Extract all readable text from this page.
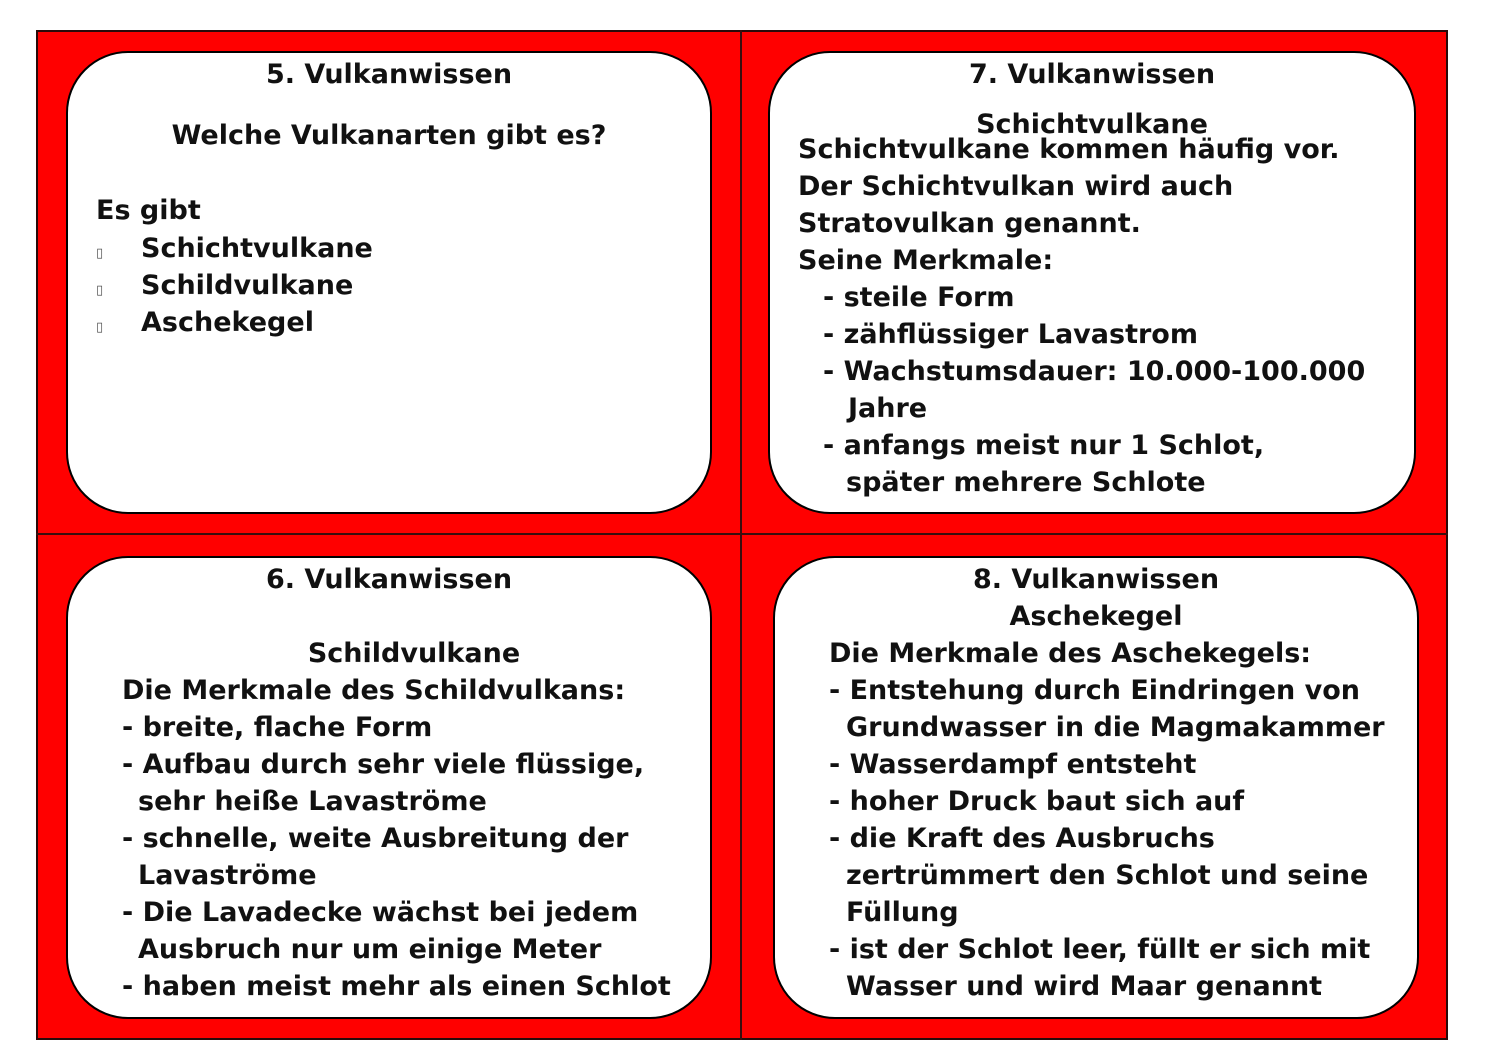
5. Vulkanwissen
Welche Vulkanarten gibt es?
Es gibt
▯ Schichtvulkane
▯ Schildvulkane
▯ Aschekegel
7. Vulkanwissen
Schichtvulkane
Schichtvulkane kommen häufig vor.
Der Schichtvulkan wird auch
Stratovulkan genannt.
Seine Merkmale:
- steile Form
- zähflüssiger Lavastrom
- Wachstumsdauer: 10.000-100.000
Jahre
- anfangs meist nur 1 Schlot,
später mehrere Schlote
6. Vulkanwissen
Schildvulkane
Die Merkmale des Schildvulkans:
- breite, flache Form
- Aufbau durch sehr viele flüssige,
sehr heiße Lavaströme
- schnelle, weite Ausbreitung der
Lavaströme
- Die Lavadecke wächst bei jedem
Ausbruch nur um einige Meter
- haben meist mehr als einen Schlot
8. Vulkanwissen
Aschekegel
Die Merkmale des Aschekegels:
- Entstehung durch Eindringen von
Grundwasser in die Magmakammer
- Wasserdampf entsteht
- hoher Druck baut sich auf
- die Kraft des Ausbruchs
zertrümmert den Schlot und seine
Füllung
- ist der Schlot leer, füllt er sich mit
Wasser und wird Maar genannt
